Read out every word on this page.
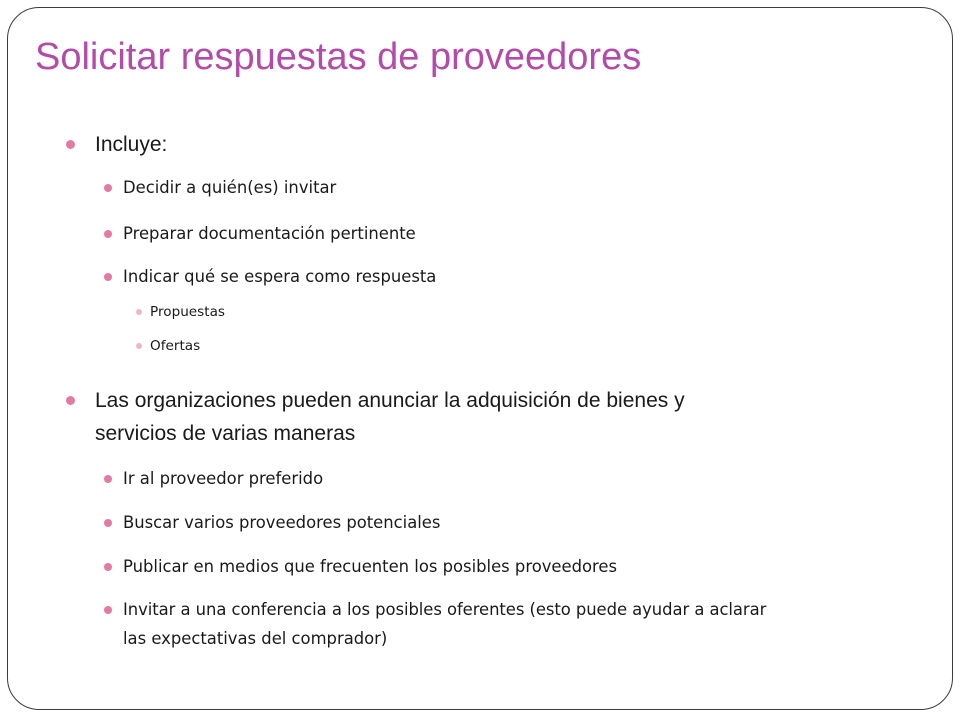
Solicitar respuestas de proveedores
Incluye:
Decidir a quién(es) invitar
Preparar documentación pertinente
Indicar qué se espera como respuesta
Propuestas
Ofertas
Las organizaciones pueden anunciar la adquisición de bienes y
servicios de varias maneras
Ir al proveedor preferido
Buscar varios proveedores potenciales
Publicar en medios que frecuenten los posibles proveedores
Invitar a una conferencia a los posibles oferentes (esto puede ayudar a aclarar
las expectativas del comprador)
